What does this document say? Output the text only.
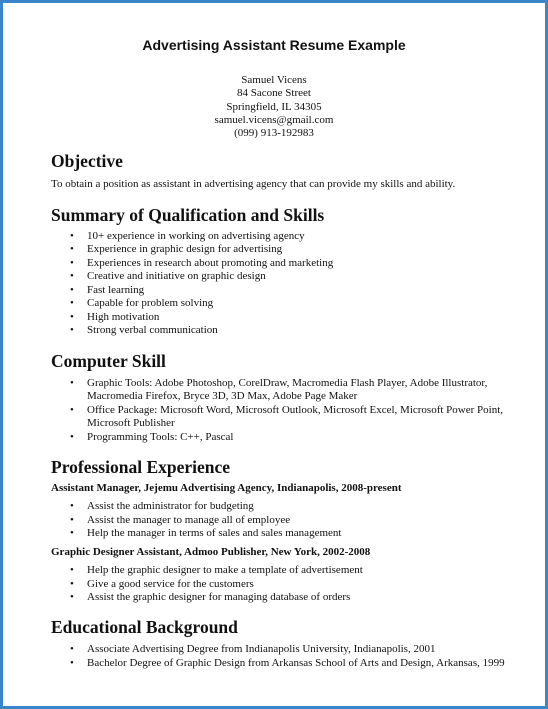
Advertising Assistant Resume Example
Samuel Vicens
84 Sacone Street
Springfield, IL 34305
samuel.vicens@gmail.com
(099) 913-192983
Objective
To obtain a position as assistant in advertising agency that can provide my skills and ability.
Summary of Qualification and Skills
• 10+ experience in working on advertising agency
• Experience in graphic design for advertising
• Experiences in research about promoting and marketing
• Creative and initiative on graphic design
• Fast learning
• Capable for problem solving
• High motivation
• Strong verbal communication
Computer Skill
• Graphic Tools: Adobe Photoshop, CorelDraw, Macromedia Flash Player, Adobe Illustrator,
Macromedia Firefox, Bryce 3D, 3D Max, Adobe Page Maker
• Office Package: Microsoft Word, Microsoft Outlook, Microsoft Excel, Microsoft Power Point,
Microsoft Publisher
• Programming Tools: C++, Pascal
Professional Experience
Assistant Manager, Jejemu Advertising Agency, Indianapolis, 2008-present
• Assist the administrator for budgeting
• Assist the manager to manage all of employee
• Help the manager in terms of sales and sales management
Graphic Designer Assistant, Admoo Publisher, New York, 2002-2008
• Help the graphic designer to make a template of advertisement
• Give a good service for the customers
• Assist the graphic designer for managing database of orders
Educational Background
• Associate Advertising Degree from Indianapolis University, Indianapolis, 2001
• Bachelor Degree of Graphic Design from Arkansas School of Arts and Design, Arkansas, 1999
